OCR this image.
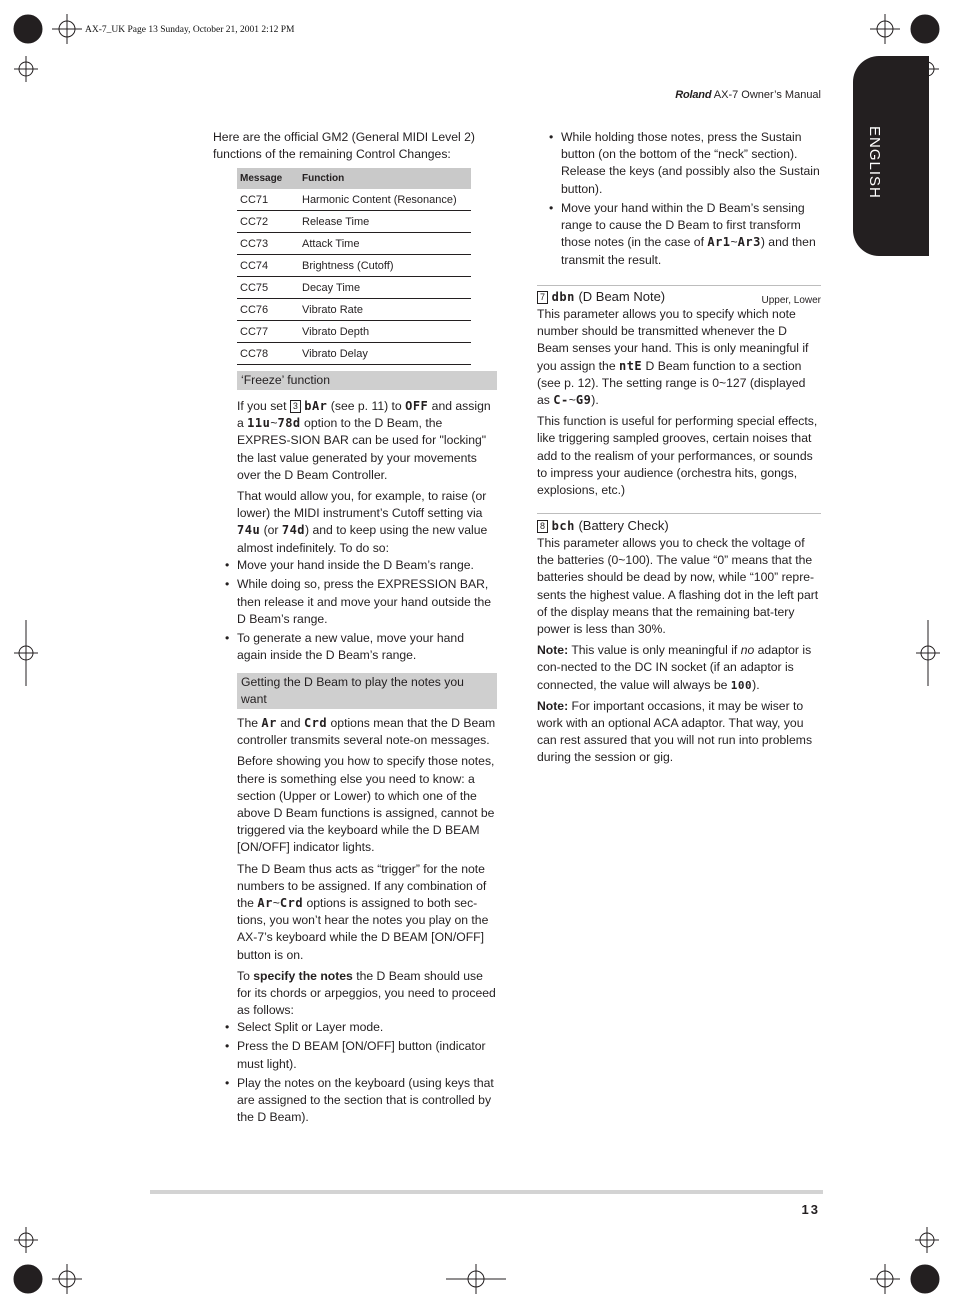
AX-7_UK Page 13 Sunday, October 21, 2001 2:12 PM
Roland AX-7 Owner’s Manual
ENGLISH

Here are the official GM2 (General MIDI Level 2) functions of the remaining Control Changes:

Message	Function
CC71	Harmonic Content (Resonance)
CC72	Release Time
CC73	Attack Time
CC74	Brightness (Cutoff)
CC75	Decay Time
CC76	Vibrato Rate
CC77	Vibrato Depth
CC78	Vibrato Delay
‘Freeze’ function

If you set 3 bAr (see p. 11) to OFF and assign a 11u~78d option to the D Beam, the EXPRES-SION BAR can be used for "locking" the last value generated by your movements over the D Beam Controller.

That would allow you, for example, to raise (or lower) the MIDI instrument’s Cutoff setting via 74u (or 74d) and to keep using the new value almost indefinitely. To do so:

• Move your hand inside the D Beam’s range.
• While doing so, press the EXPRESSION BAR, then release it and move your hand outside the D Beam’s range.
• To generate a new value, move your hand again inside the D Beam’s range.
Getting the D Beam to play the notes you want

The Ar and Crd options mean that the D Beam controller transmits several note-on messages.

Before showing you how to specify those notes, there is something else you need to know: a section (Upper or Lower) to which one of the above D Beam functions is assigned, cannot be triggered via the keyboard while the D BEAM [ON/OFF] indicator lights.

The D Beam thus acts as “trigger” for the note numbers to be assigned. If any combination of the Ar~Crd options is assigned to both sec-tions, you won’t hear the notes you play on the AX-7’s keyboard while the D BEAM [ON/OFF] button is on.

To specify the notes the D Beam should use for its chords or arpeggios, you need to proceed as follows:

• Select Split or Layer mode.
• Press the D BEAM [ON/OFF] button (indicator must light).
• Play the notes on the keyboard (using keys that are assigned to the section that is controlled by the D Beam).
• While holding those notes, press the Sustain button (on the bottom of the “neck” section). Release the keys (and possibly also the Sustain button).
• Move your hand within the D Beam’s sensing range to cause the D Beam to first transform those notes (in the case of Ar1~Ar3) and then transmit the result.
7 dbn (D Beam Note)	Upper, Lower

This parameter allows you to specify which note number should be transmitted whenever the D Beam senses your hand. This is only meaningful if you assign the ntE D Beam function to a section (see p. 12). The setting range is 0~127 (displayed as C-~G9).

This function is useful for performing special effects, like triggering sampled grooves, certain noises that add to the realism of your performances, or sounds to impress your audience (orchestra hits, gongs, explosions, etc.)

8 bch (Battery Check)

This parameter allows you to check the voltage of the batteries (0~100). The value “0” means that the batteries should be dead by now, while “100” repre-sents the highest value. A flashing dot in the left part of the display means that the remaining bat-tery power is less than 30%.

Note: This value is only meaningful if no adaptor is con-nected to the DC IN socket (if an adaptor is connected, the value will always be 100).

Note: For important occasions, it may be wiser to work with an optional ACA adaptor. That way, you can rest assured that you will not run into problems during the session or gig.

13
